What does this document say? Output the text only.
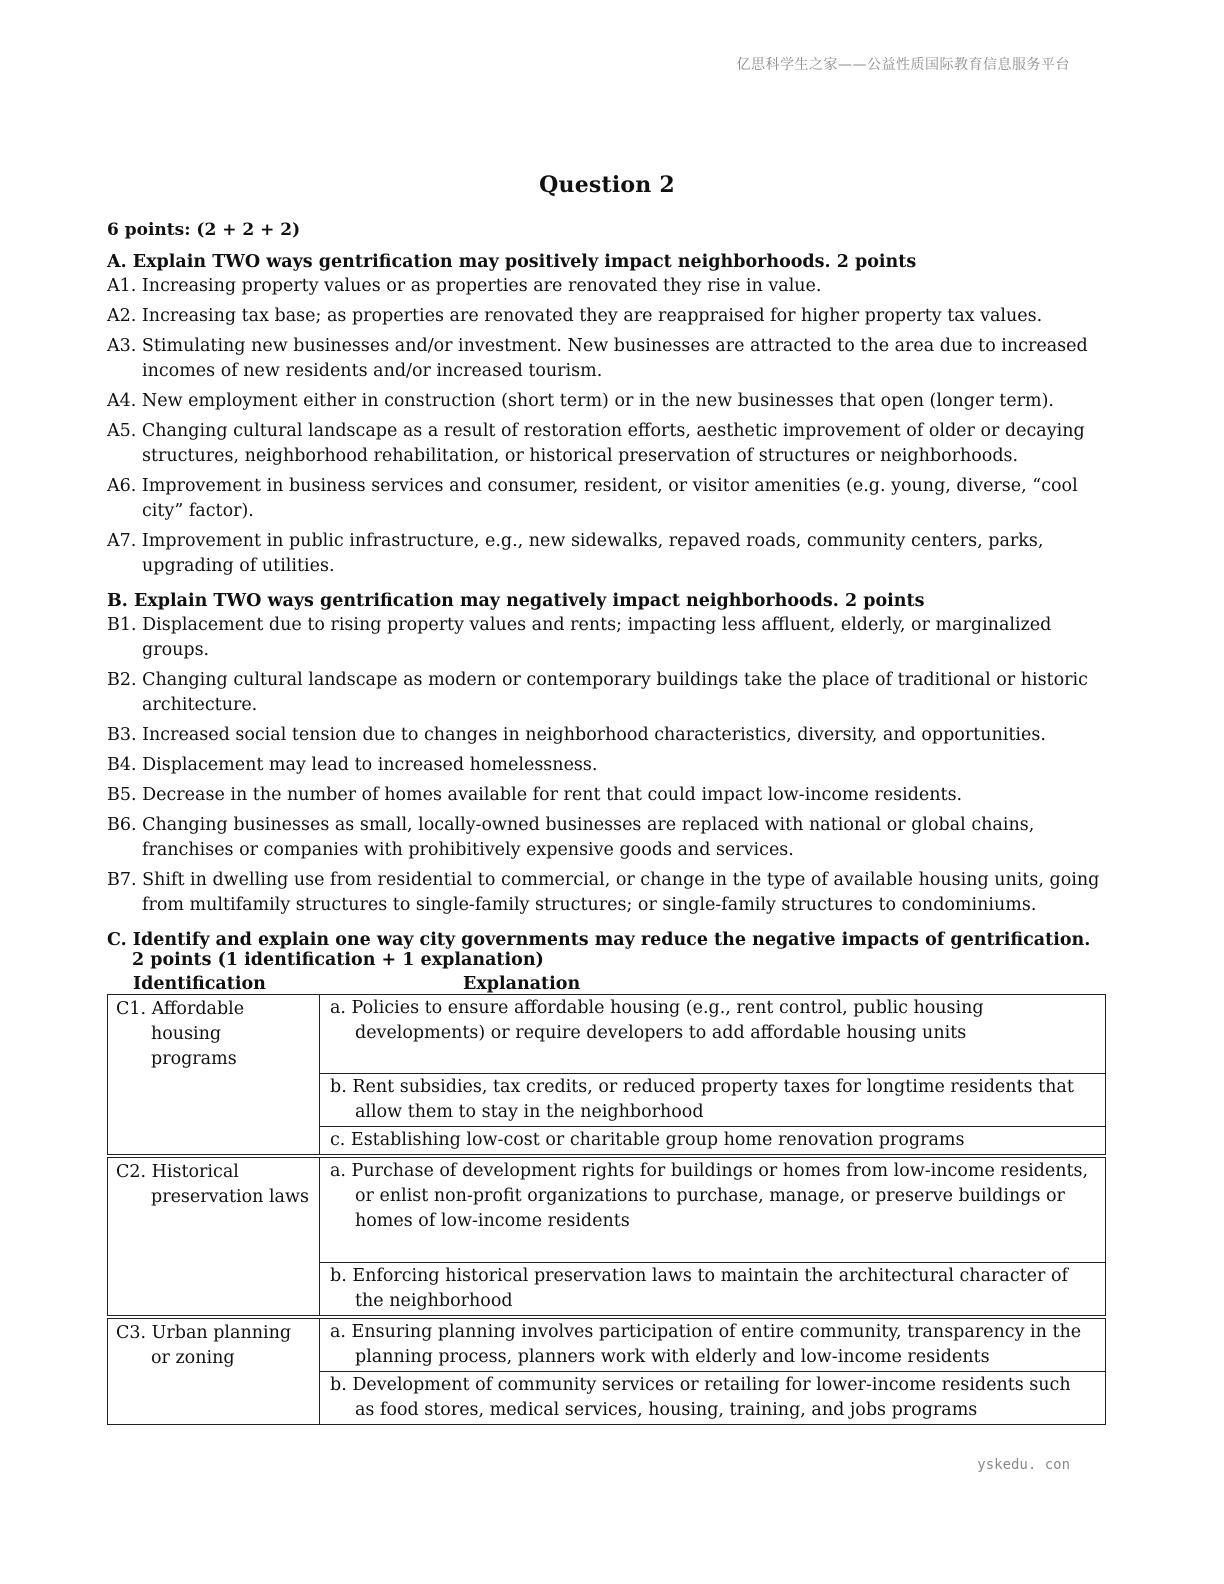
亿思科学生之家——公益性质国际教育信息服务平台
Question 2
6 points: (2 + 2 + 2)
A. Explain TWO ways gentrification may positively impact neighborhoods. 2 points
A1. Increasing property values or as properties are renovated they rise in value.
A2. Increasing tax base; as properties are renovated they are reappraised for higher property tax values.
A3. Stimulating new businesses and/or investment. New businesses are attracted to the area due to increased incomes of new residents and/or increased tourism.
A4. New employment either in construction (short term) or in the new businesses that open (longer term).
A5. Changing cultural landscape as a result of restoration efforts, aesthetic improvement of older or decaying structures, neighborhood rehabilitation, or historical preservation of structures or neighborhoods.
A6. Improvement in business services and consumer, resident, or visitor amenities (e.g. young, diverse, “cool city” factor).
A7. Improvement in public infrastructure, e.g., new sidewalks, repaved roads, community centers, parks, upgrading of utilities.
B. Explain TWO ways gentrification may negatively impact neighborhoods. 2 points
B1. Displacement due to rising property values and rents; impacting less affluent, elderly, or marginalized groups.
B2. Changing cultural landscape as modern or contemporary buildings take the place of traditional or historic architecture.
B3. Increased social tension due to changes in neighborhood characteristics, diversity, and opportunities.
B4. Displacement may lead to increased homelessness.
B5. Decrease in the number of homes available for rent that could impact low-income residents.
B6. Changing businesses as small, locally-owned businesses are replaced with national or global chains, franchises or companies with prohibitively expensive goods and services.
B7. Shift in dwelling use from residential to commercial, or change in the type of available housing units, going from multifamily structures to single-family structures; or single-family structures to condominiums.
C. Identify and explain one way city governments may reduce the negative impacts of gentrification.
2 points (1 identification + 1 explanation)
Identification	Explanation
C1. Affordable housing programs	a. Policies to ensure affordable housing (e.g., rent control, public housing developments) or require developers to add affordable housing units

	b. Rent subsidies, tax credits, or reduced property taxes for longtime residents that allow them to stay in the neighborhood

	c. Establishing low-cost or charitable group home renovation programs

C2. Historical preservation laws	a. Purchase of development rights for buildings or homes from low-income residents, or enlist non-profit organizations to purchase, manage, or preserve buildings or homes of low-income residents

	b. Enforcing historical preservation laws to maintain the architectural character of the neighborhood

C3. Urban planning or zoning	a. Ensuring planning involves participation of entire community, transparency in the planning process, planners work with elderly and low-income residents

	b. Development of community services or retailing for lower-income residents such as food stores, medical services, housing, training, and jobs programs
yskedu. con
